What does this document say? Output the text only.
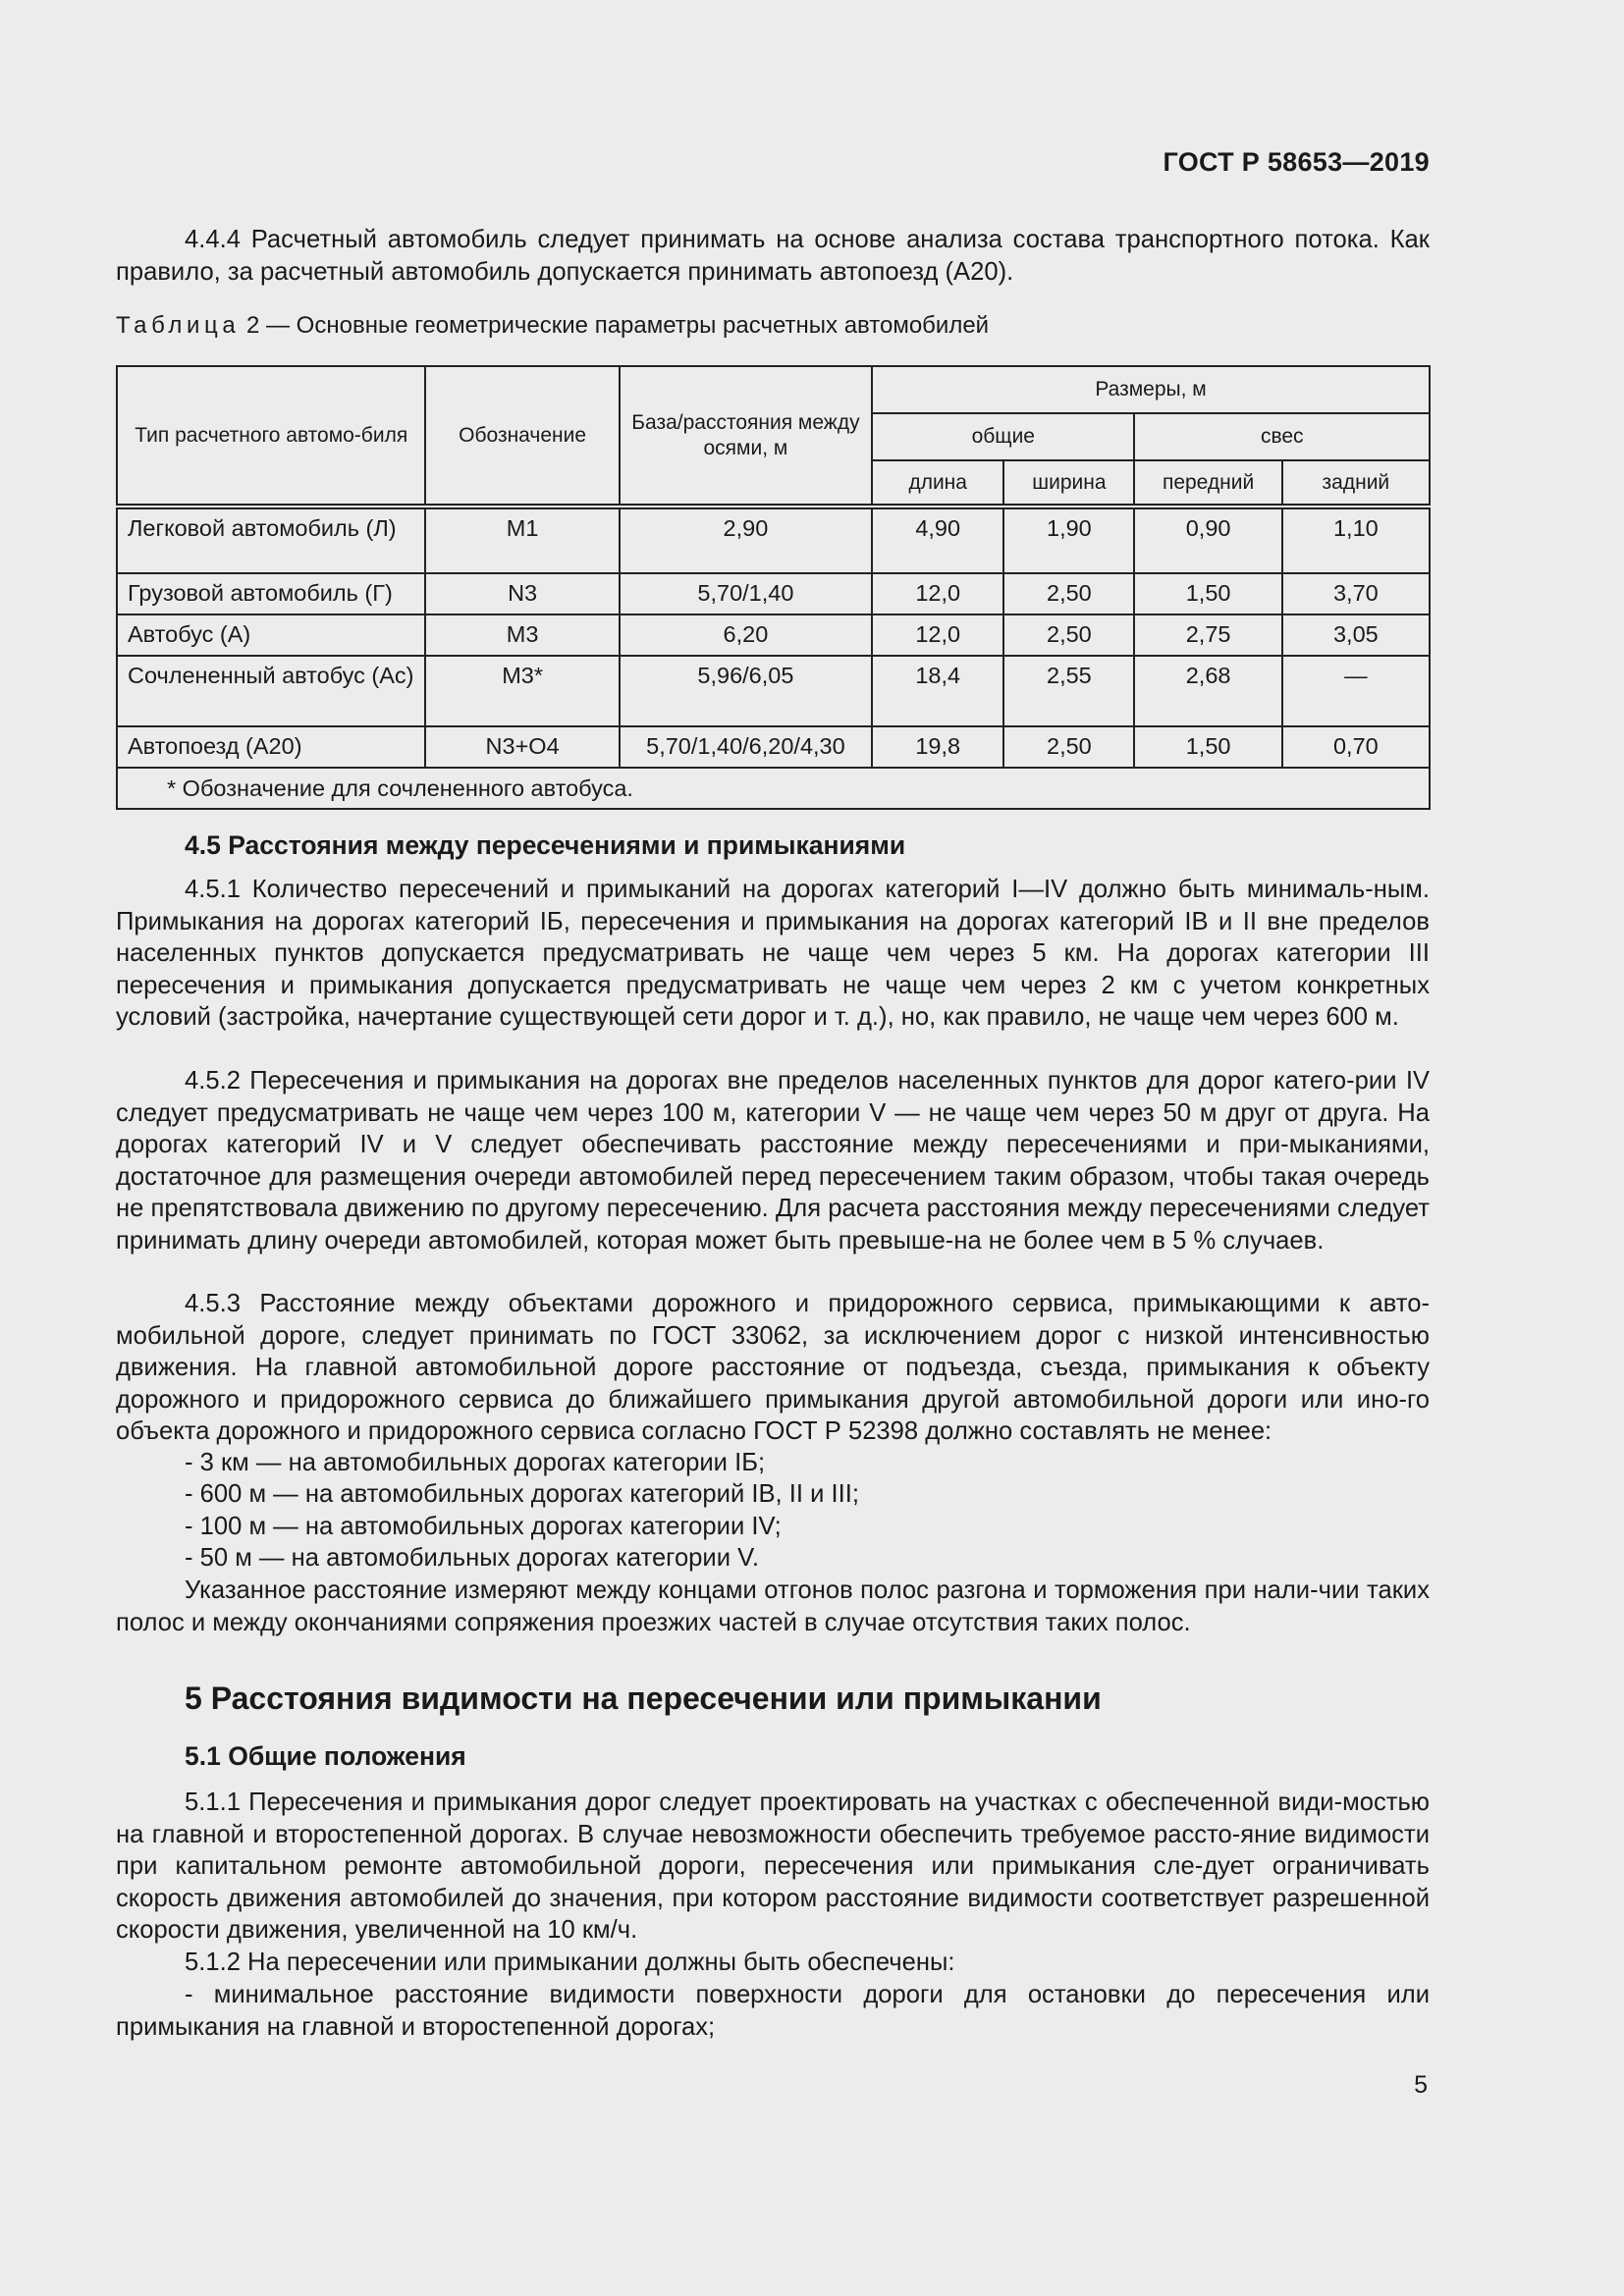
ГОСТ Р 58653—2019

4.4.4 Расчетный автомобиль следует принимать на основе анализа состава транспортного потока. Как правило, за расчетный автомобиль допускается принимать автопоезд (А20).

Таблица 2 — Основные геометрические параметры расчетных автомобилей

Тип расчетного автомо-биля	Обозначение	База/расстояния между осями, м	Размеры, м			
			общие		свес	
			длина	ширина	передний	задний
Легковой автомобиль (Л)	М1	2,90	4,90	1,90	0,90	1,10
Грузовой автомобиль (Г)	N3	5,70/1,40	12,0	2,50	1,50	3,70
Автобус (А)	М3	6,20	12,0	2,50	2,75	3,05
Сочлененный автобус (Ас)	М3*	5,96/6,05	18,4	2,55	2,68	—
Автопоезд (А20)	N3+O4	5,70/1,40/6,20/4,30	19,8	2,50	1,50	0,70
* Обозначение для сочлененного автобуса.						

4.5 Расстояния между пересечениями и примыканиями

4.5.1 Количество пересечений и примыканий на дорогах категорий I—IV должно быть минималь-ным. Примыкания на дорогах категорий IБ, пересечения и примыкания на дорогах категорий IВ и II вне пределов населенных пунктов допускается предусматривать не чаще чем через 5 км. На дорогах категории III пересечения и примыкания допускается предусматривать не чаще чем через 2 км с учетом конкретных условий (застройка, начертание существующей сети дорог и т. д.), но, как правило, не чаще чем через 600 м.

4.5.2 Пересечения и примыкания на дорогах вне пределов населенных пунктов для дорог катего-рии IV следует предусматривать не чаще чем через 100 м, категории V — не чаще чем через 50 м друг от друга. На дорогах категорий IV и V следует обеспечивать расстояние между пересечениями и при-мыканиями, достаточное для размещения очереди автомобилей перед пересечением таким образом, чтобы такая очередь не препятствовала движению по другому пересечению. Для расчета расстояния между пересечениями следует принимать длину очереди автомобилей, которая может быть превыше-на не более чем в 5 % случаев.

4.5.3 Расстояние между объектами дорожного и придорожного сервиса, примыкающими к авто-мобильной дороге, следует принимать по ГОСТ 33062, за исключением дорог с низкой интенсивностью движения. На главной автомобильной дороге расстояние от подъезда, съезда, примыкания к объекту дорожного и придорожного сервиса до ближайшего примыкания другой автомобильной дороги или ино-го объекта дорожного и придорожного сервиса согласно ГОСТ Р 52398 должно составлять не менее:

- 3 км — на автомобильных дорогах категории IБ;

- 600 м — на автомобильных дорогах категорий IВ, II и III;

- 100 м — на автомобильных дорогах категории IV;

- 50 м — на автомобильных дорогах категории V.

Указанное расстояние измеряют между концами отгонов полос разгона и торможения при нали-чии таких полос и между окончаниями сопряжения проезжих частей в случае отсутствия таких полос.

5 Расстояния видимости на пересечении или примыкании

5.1 Общие положения

5.1.1 Пересечения и примыкания дорог следует проектировать на участках с обеспеченной види-мостью на главной и второстепенной дорогах. В случае невозможности обеспечить требуемое рассто-яние видимости при капитальном ремонте автомобильной дороги, пересечения или примыкания сле-дует ограничивать скорость движения автомобилей до значения, при котором расстояние видимости соответствует разрешенной скорости движения, увеличенной на 10 км/ч.

5.1.2 На пересечении или примыкании должны быть обеспечены:

- минимальное расстояние видимости поверхности дороги для остановки до пересечения или примыкания на главной и второстепенной дорогах;

5
